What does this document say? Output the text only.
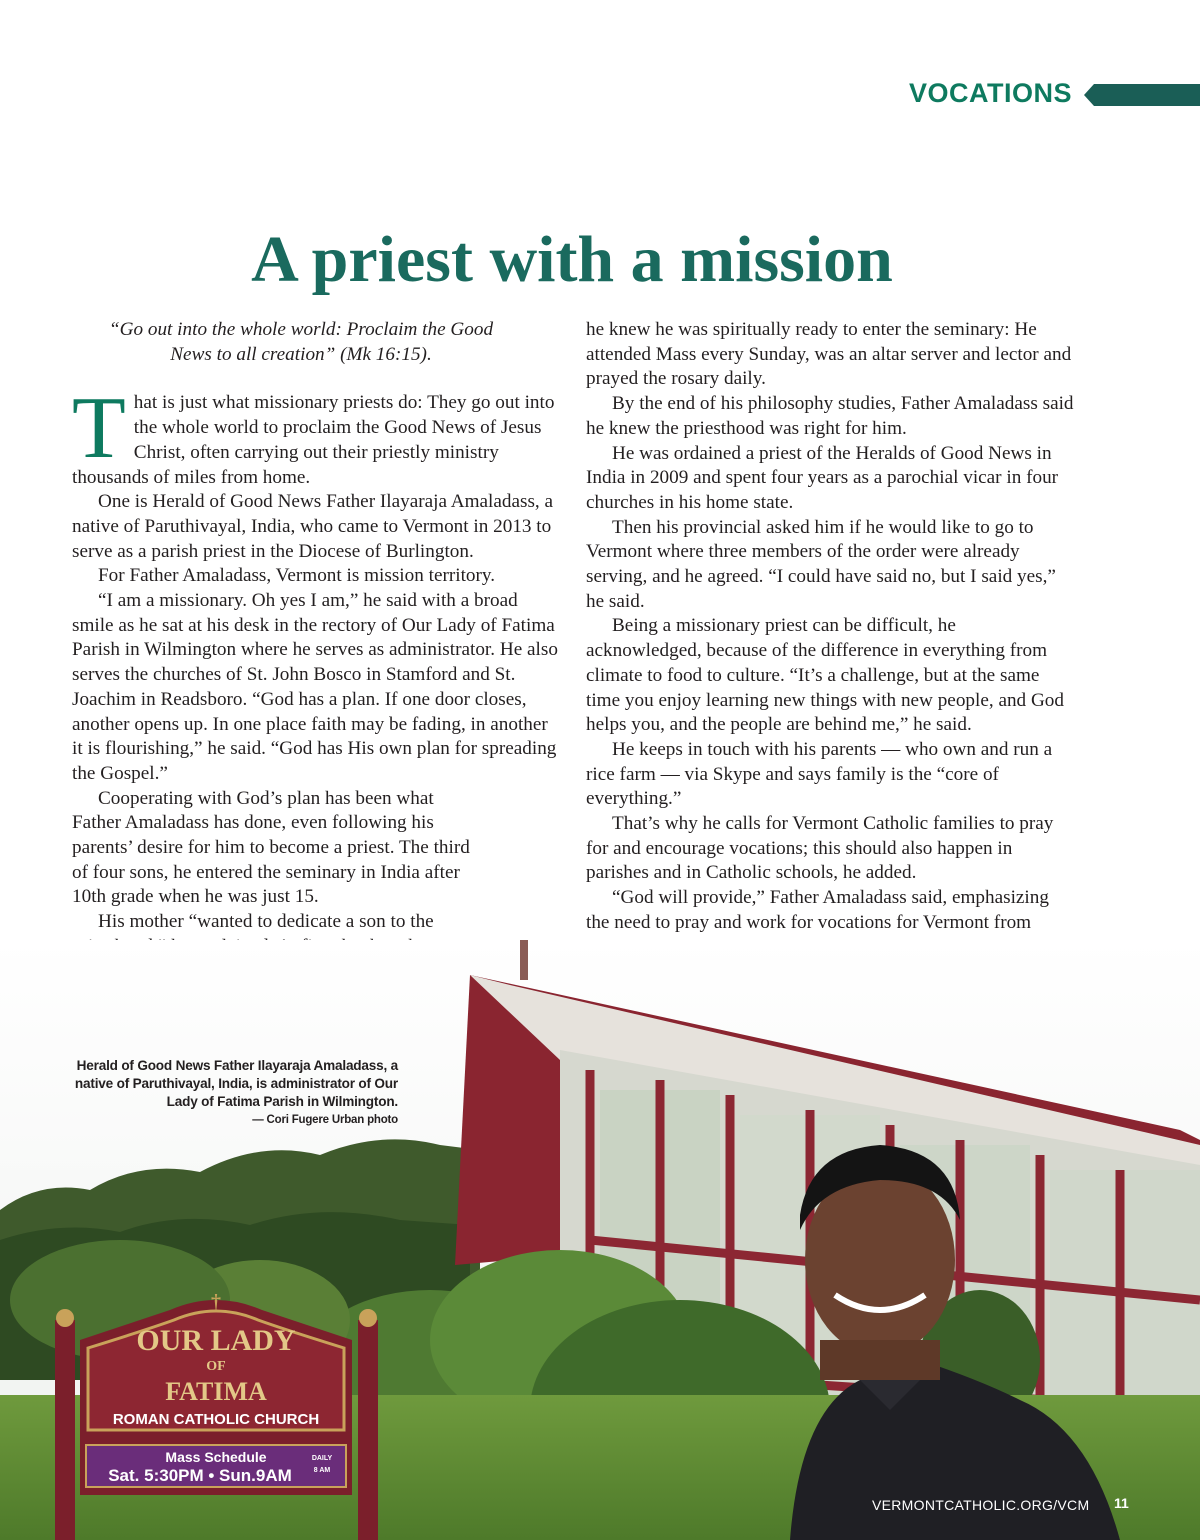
VOCATIONS
A priest with a mission
“Go out into the whole world: Proclaim the Good News to all creation” (Mk 16:15).

That is just what missionary priests do: They go out into the whole world to proclaim the Good News of Jesus Christ, often carrying out their priestly ministry thousands of miles from home.

One is Herald of Good News Father Ilayaraja Amaladass, a native of Paruthivayal, India, who came to Vermont in 2013 to serve as a parish priest in the Diocese of Burlington.

For Father Amaladass, Vermont is mission territory.

“I am a missionary. Oh yes I am,” he said with a broad smile as he sat at his desk in the rectory of Our Lady of Fatima Parish in Wilmington where he serves as administrator. He also serves the churches of St. John Bosco in Stamford and St. Joachim in Readsboro. “God has a plan. If one door closes, another opens up. In one place faith may be fading, in another it is flourishing,” he said. “God has His own plan for spreading the Gospel.”

Cooperating with God’s plan has been what Father Amaladass has done, even following his parents’ desire for him to become a priest. The third of four sons, he entered the seminary in India after 10th grade when he was just 15.

His mother “wanted to dedicate a son to the

he knew he was spiritually ready to enter the seminary: He attended Mass every Sunday, was an altar server and lector and prayed the rosary daily.

By the end of his philosophy studies, Father Amaladass said he knew the priesthood was right for him.

He was ordained a priest of the Heralds of Good News in India in 2009 and spent four years as a parochial vicar in four churches in his home state.

Then his provincial asked him if he would like to go to Vermont where three members of the order were already serving, and he agreed. “I could have said no, but I said yes,” he said.

Being a missionary priest can be difficult, he acknowledged, because of the difference in everything from climate to food to culture. “It’s a challenge, but at the same time you enjoy learning new things with new people, and God helps you, and the people are behind me,” he said.

He keeps in touch with his parents — who own and run a rice farm — via Skype and says family is the “core of everything.”

That’s why he calls for Vermont Catholic families to pray for and encourage vocations; this should also happen in parishes and in Catholic schools, he added.

“God will provide,” Father Amaladass said, emphasizing the need to pray and work for vocations for Vermont from

†
OUR LADY
OF
FATIMA
ROMAN CATHOLIC CHURCH
Mass Schedule
Sat. 5:30PM • Sun.9AM
DAILY
8 AM
Herald of Good News Father Ilayaraja Amaladass, a native of Paruthivayal, India, is administrator of Our Lady of Fatima Parish in Wilmington.
— Cori Fugere Urban photo
VERMONTCATHOLIC.ORG/VCM 11
